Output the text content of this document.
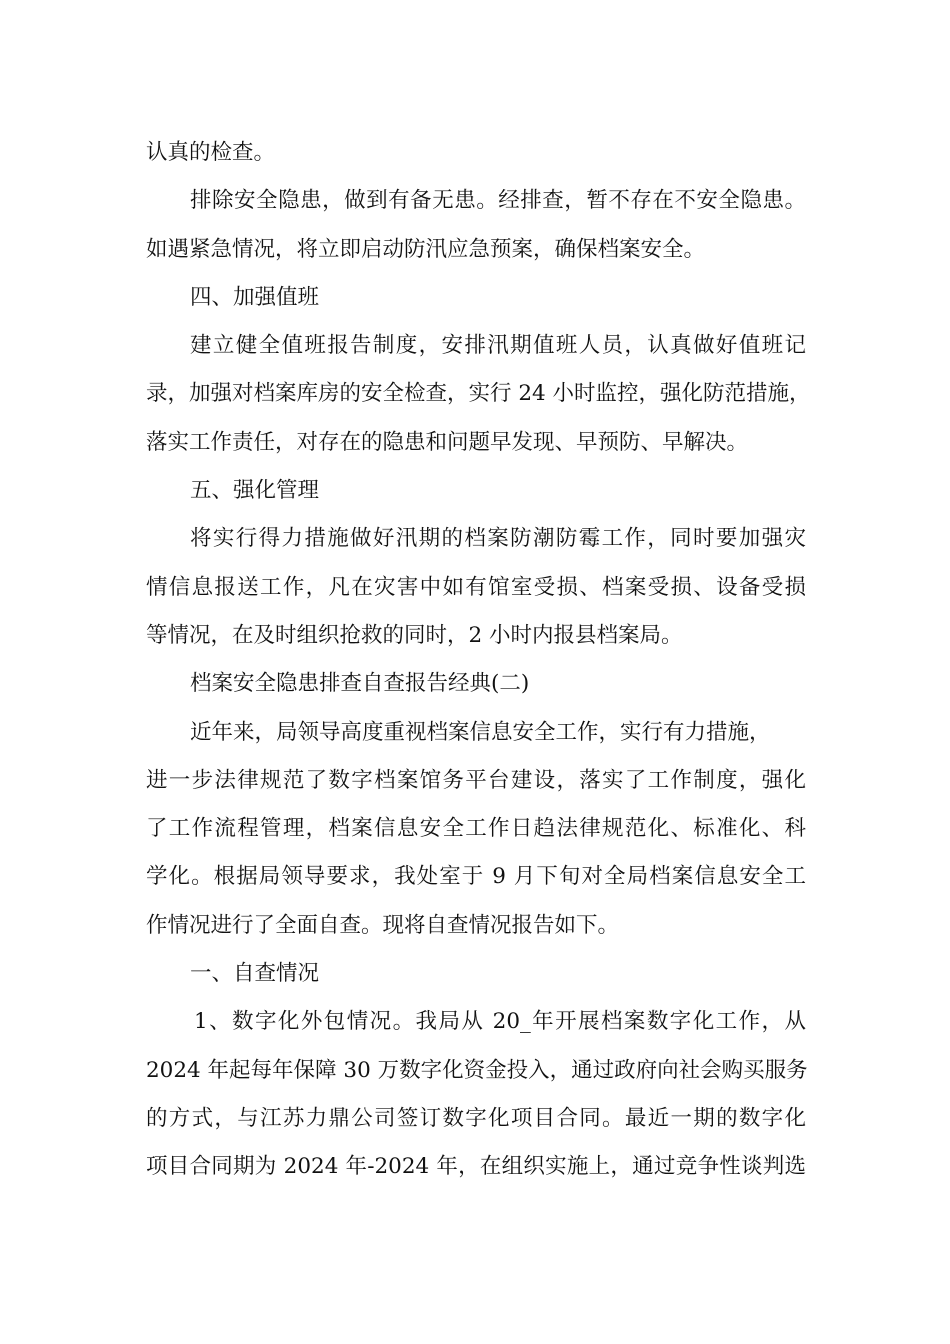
认真的检查。
排除安全隐患，做到有备无患。经排查，暂不存在不安全隐患。
如遇紧急情况，将立即启动防汛应急预案，确保档案安全。
四、加强值班
建立健全值班报告制度，安排汛期值班人员，认真做好值班记
录，加强对档案库房的安全检查，实行 24 小时监控，强化防范措施，
落实工作责任，对存在的隐患和问题早发现、早预防、早解决。
五、强化管理
将实行得力措施做好汛期的档案防潮防霉工作，同时要加强灾
情信息报送工作，凡在灾害中如有馆室受损、档案受损、设备受损
等情况，在及时组织抢救的同时，2 小时内报县档案局。
档案安全隐患排查自查报告经典(二)
近年来，局领导高度重视档案信息安全工作，实行有力措施，
进一步法律规范了数字档案馆务平台建设，落实了工作制度，强化
了工作流程管理，档案信息安全工作日趋法律规范化、标准化、科
学化。根据局领导要求，我处室于 9 月下旬对全局档案信息安全工
作情况进行了全面自查。现将自查情况报告如下。
一、自查情况
1、数字化外包情况。我局从 20_年开展档案数字化工作，从
2024 年起每年保障 30 万数字化资金投入，通过政府向社会购买服务
的方式，与江苏力鼎公司签订数字化项目合同。最近一期的数字化
项目合同期为 2024 年-2024 年，在组织实施上，通过竞争性谈判选
